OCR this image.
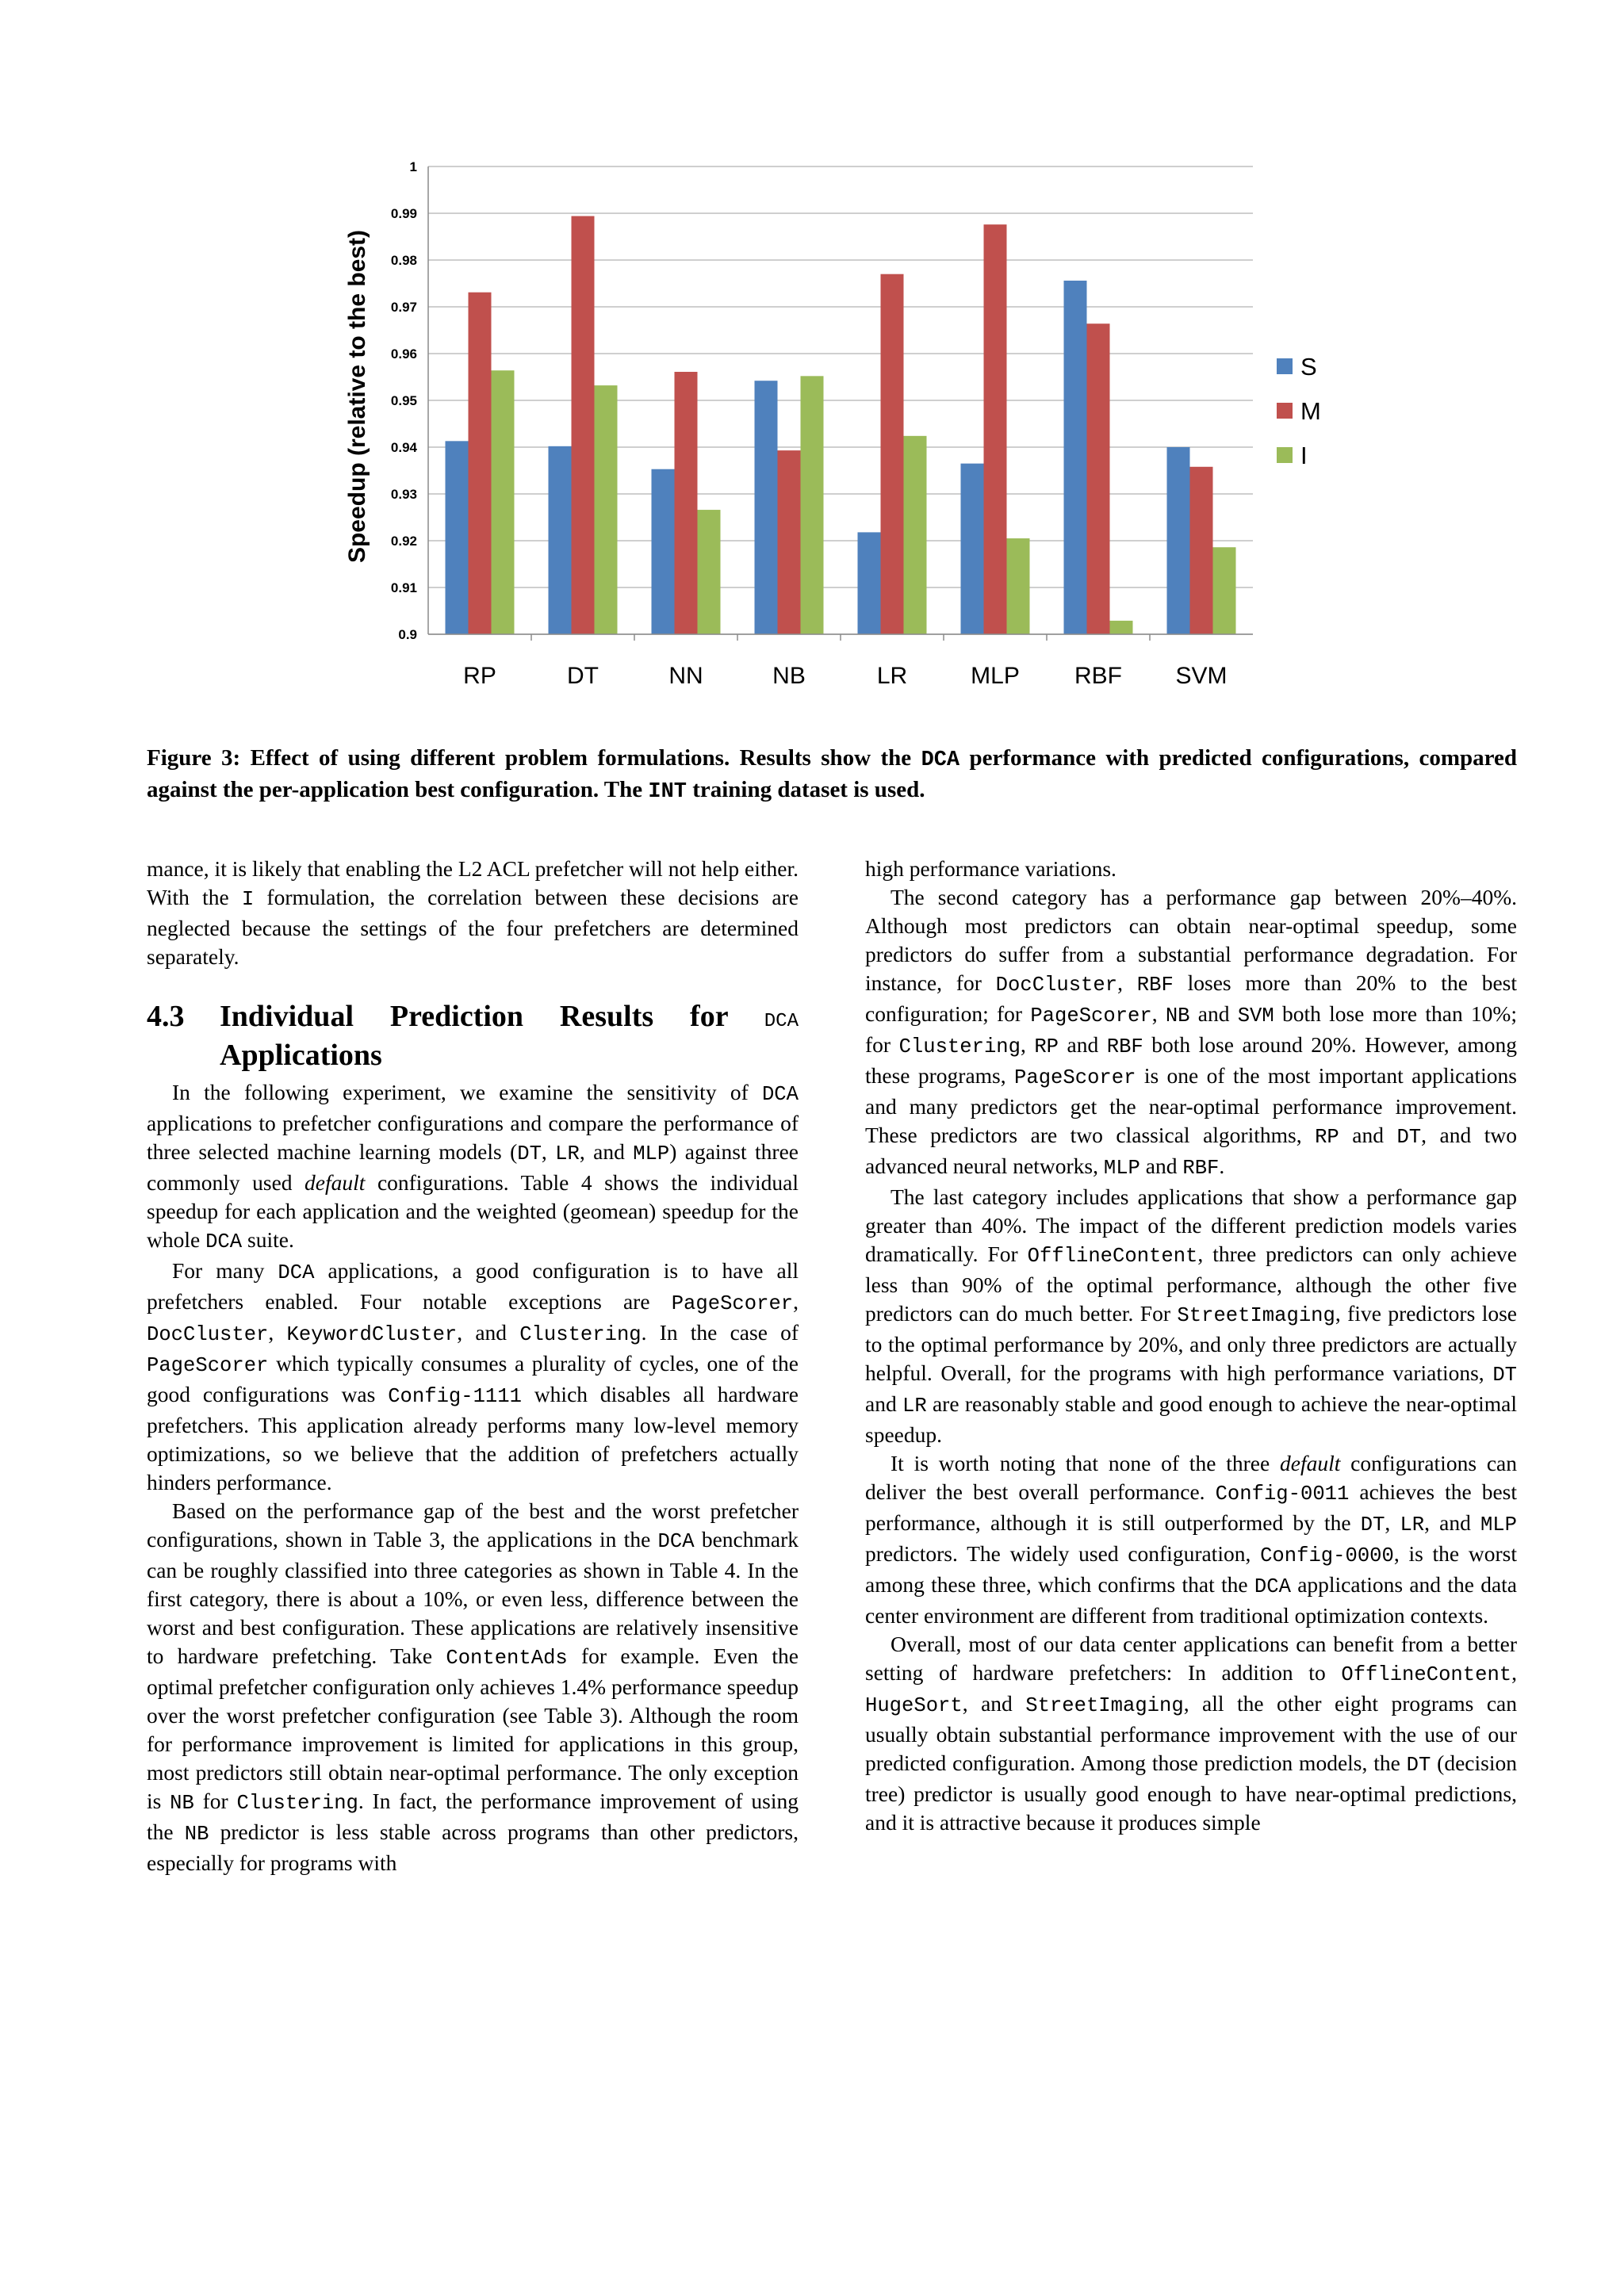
0.9
0.91
0.92
0.93
0.94
0.95
0.96
0.97
0.98
0.99
1
RP	DT	NN	NB	LR	MLP RBF SVM
S
M
I
Speedup (relative to the best)
Figure 3: Effect of using different problem formulations. Results show the DCA performance with predicted configurations, compared against the per-application best configuration. The INT training dataset is used.

mance, it is likely that enabling the L2 ACL prefetcher will not help either. With the I formulation, the correlation between these decisions are neglected because the settings of the four prefetchers are determined separately.

4.3 Individual Prediction Results for DCA Applications

In the following experiment, we examine the sensitivity of DCA applications to prefetcher configurations and compare the performance of three selected machine learning models (DT, LR, and MLP) against three commonly used default configurations. Table 4 shows the individual speedup for each application and the weighted (geomean) speedup for the whole DCA suite.

For many DCA applications, a good configuration is to have all prefetchers enabled. Four notable exceptions are PageScorer, DocCluster, KeywordCluster, and Clustering. In the case of PageScorer which typically consumes a plurality of cycles, one of the good configurations was Config-1111 which disables all hardware prefetchers. This application already performs many low-level memory optimizations, so we believe that the addition of prefetchers actually hinders performance.

Based on the performance gap of the best and the worst prefetcher configurations, shown in Table 3, the applications in the DCA benchmark can be roughly classified into three categories as shown in Table 4. In the first category, there is about a 10%, or even less, difference between the worst and best configuration. These applications are relatively insensitive to hardware prefetching. Take ContentAds for example. Even the optimal prefetcher configuration only achieves 1.4% performance speedup over the worst prefetcher configuration (see Table 3). Although the room for performance improvement is limited for applications in this group, most predictors still obtain near-optimal performance. The only exception is NB for Clustering. In fact, the performance improvement of using the NB predictor is less stable across programs than other predictors, especially for programs with

high performance variations.

The second category has a performance gap between 20%–40%. Although most predictors can obtain near-optimal speedup, some predictors do suffer from a substantial performance degradation. For instance, for DocCluster, RBF loses more than 20% to the best configuration; for PageScorer, NB and SVM both lose more than 10%; for Clustering, RP and RBF both lose around 20%. However, among these programs, PageScorer is one of the most important applications and many predictors get the near-optimal performance improvement. These predictors are two classical algorithms, RP and DT, and two advanced neural networks, MLP and RBF.

The last category includes applications that show a performance gap greater than 40%. The impact of the different prediction models varies dramatically. For OfflineContent, three predictors can only achieve less than 90% of the optimal performance, although the other five predictors can do much better. For StreetImaging, five predictors lose to the optimal performance by 20%, and only three predictors are actually helpful. Overall, for the programs with high performance variations, DT and LR are reasonably stable and good enough to achieve the near-optimal speedup.

It is worth noting that none of the three default configurations can deliver the best overall performance. Config-0011 achieves the best performance, although it is still outperformed by the DT, LR, and MLP predictors. The widely used configuration, Config-0000, is the worst among these three, which confirms that the DCA applications and the data center environment are different from traditional optimization contexts.

Overall, most of our data center applications can benefit from a better setting of hardware prefetchers: In addition to OfflineContent, HugeSort, and StreetImaging, all the other eight programs can usually obtain substantial performance improvement with the use of our predicted configuration. Among those prediction models, the DT (decision tree) predictor is usually good enough to have near-optimal predictions, and it is attractive because it produces simple
